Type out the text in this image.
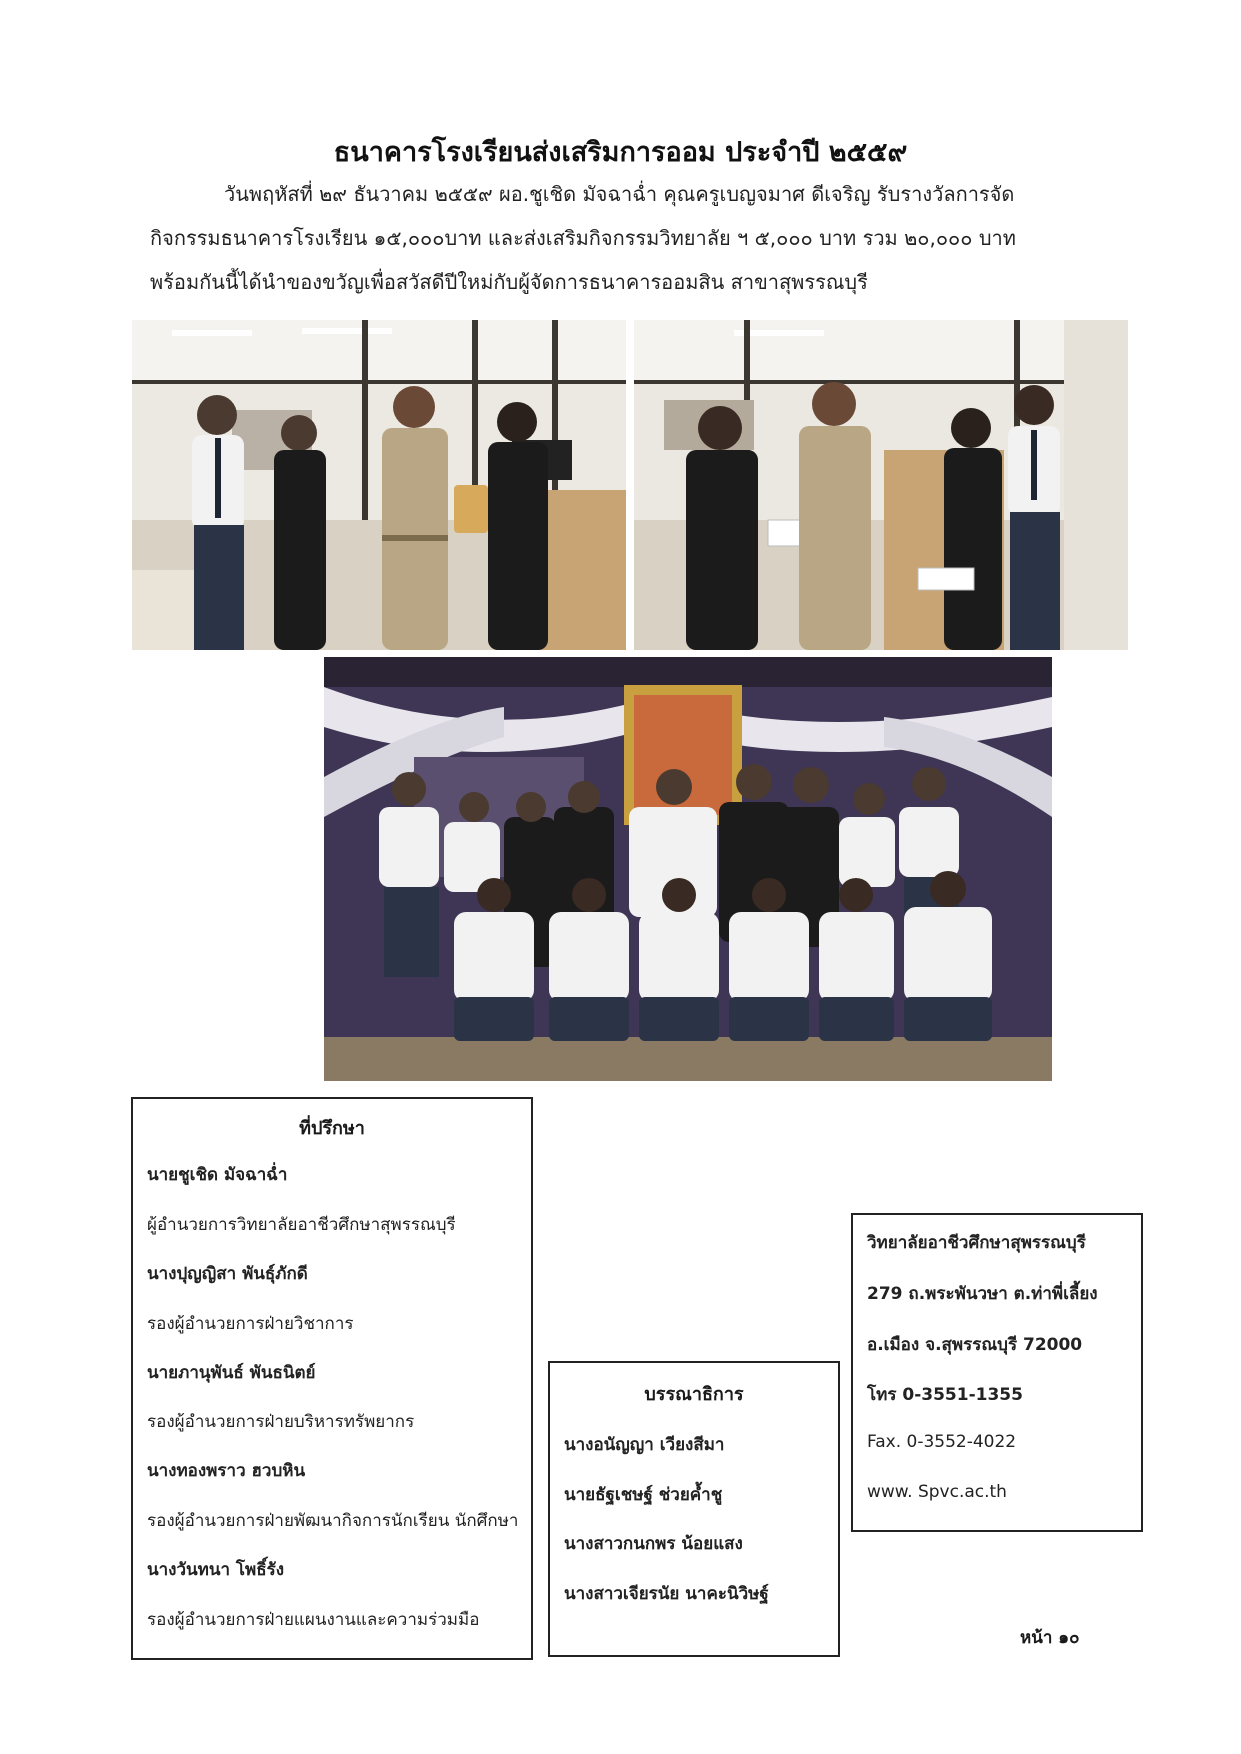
ธนาคารโรงเรียนส่งเสริมการออม ประจำปี ๒๕๕๙
วันพฤหัสที่ ๒๙ ธันวาคม ๒๕๕๙ ผอ.ชูเชิด มัจฉาฉ่ำ คุณครูเบญจมาศ ดีเจริญ รับรางวัลการจัด
กิจกรรมธนาคารโรงเรียน ๑๕,๐๐๐บาท และส่งเสริมกิจกรรมวิทยาลัย ฯ ๕,๐๐๐ บาท รวม ๒๐,๐๐๐ บาท
พร้อมกันนี้ได้นำของขวัญเพื่อสวัสดีปีใหม่กับผู้จัดการธนาคารออมสิน สาขาสุพรรณบุรี
ที่ปรึกษา
นายชูเชิด มัจฉาฉ่ำ
ผู้อำนวยการวิทยาลัยอาชีวศึกษาสุพรรณบุรี
นางปุญญิสา พันธุ์ภักดี
รองผู้อำนวยการฝ่ายวิชาการ
นายภานุพันธ์ พันธนิตย์
รองผู้อำนวยการฝ่ายบริหารทรัพยากร
นางทองพราว ฮวบหิน
รองผู้อำนวยการฝ่ายพัฒนากิจการนักเรียน นักศึกษา
นางวันทนา โพธิ์รัง
รองผู้อำนวยการฝ่ายแผนงานและความร่วมมือ
บรรณาธิการ
นางอนัญญา เวียงสีมา
นายธัฐเชษฐ์ ช่วยค้ำชู
นางสาวกนกพร น้อยแสง
นางสาวเจียรนัย นาคะนิวิษฐ์
วิทยาลัยอาชีวศึกษาสุพรรณบุรี
279 ถ.พระพันวษา ต.ท่าพี่เลี้ยง
อ.เมือง จ.สุพรรณบุรี 72000
โทร 0-3551-1355
Fax. 0-3552-4022
www. Spvc.ac.th
หน้า ๑๐
